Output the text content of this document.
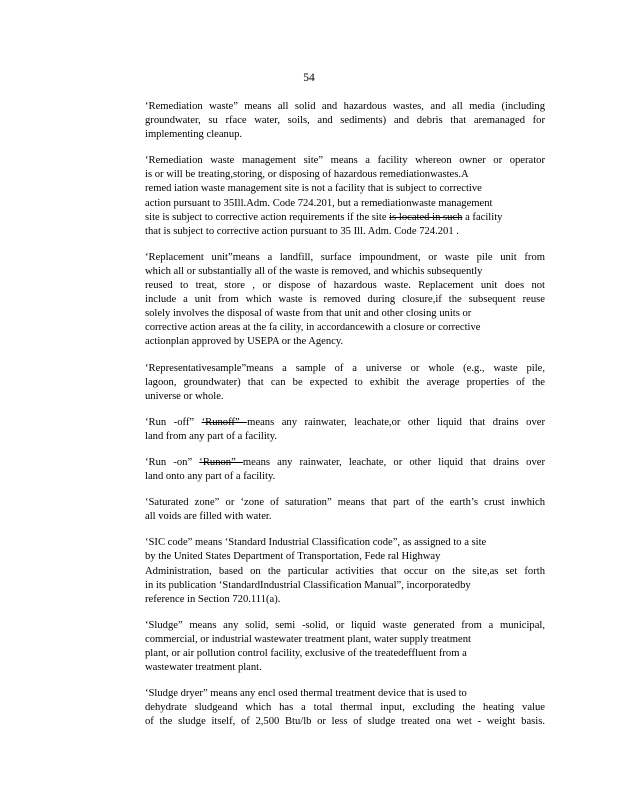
54
‘Remediation waste” means all solid and hazardous wastes, and all media (including
groundwater, su rface water, soils, and sediments) and debris that aremanaged for
implementing cleanup.
‘Remediation waste management site” means a facility whereon owner or operator
is or will be treating,storing, or disposing of hazardous remediationwastes.A
remed iation waste management site is not a facility that is subject to corrective
action pursuant to 35Ill.Adm. Code 724.201, but a remediationwaste management
site is subject to corrective action requirements if the site is located in such a facility
that is subject to corrective action pursuant to 35 Ill. Adm. Code 724.201 .
‘Replacement unit”means a landfill, surface impoundment, or waste pile unit from
which all or substantially all of the waste is removed, and whichis subsequently
reused to treat, store , or dispose of hazardous waste. Replacement unit does not
include a unit from which waste is removed during closure,if the subsequent reuse
solely involves the disposal of waste from that unit and other closing units or
corrective action areas at the fa cility, in accordancewith a closure or corrective
actionplan approved by USEPA or the Agency.
‘Representativesample”means a sample of a universe or whole (e.g., waste pile,
lagoon, groundwater) that can be expected to exhibit the average properties of the
universe or whole.
‘Run -off” ‘Runoff” means any rainwater, leachate,or other liquid that drains over
land from any part of a facility.
‘Run -on” ‘Runon” means any rainwater, leachate, or other liquid that drains over
land onto any part of a facility.
‘Saturated zone” or ‘zone of saturation” means that part of the earth’s crust inwhich
all voids are filled with water.
‘SIC code” means ‘Standard Industrial Classification code”, as assigned to a site
by the United States Department of Transportation, Fede ral Highway
Administration, based on the particular activities that occur on the site,as set forth
in its publication ‘StandardIndustrial Classification Manual”, incorporatedby
reference in Section 720.111(a).
‘Sludge” means any solid, semi -solid, or liquid waste generated from a municipal,
commercial, or industrial wastewater treatment plant, water supply treatment
plant, or air pollution control facility, exclusive of the treatedeffluent from a
wastewater treatment plant.
‘Sludge dryer” means any encl osed thermal treatment device that is used to
dehydrate sludgeand which has a total thermal input, excluding the heating value
of the sludge itself, of 2,500 Btu/lb or less of sludge treated ona wet - weight basis.
